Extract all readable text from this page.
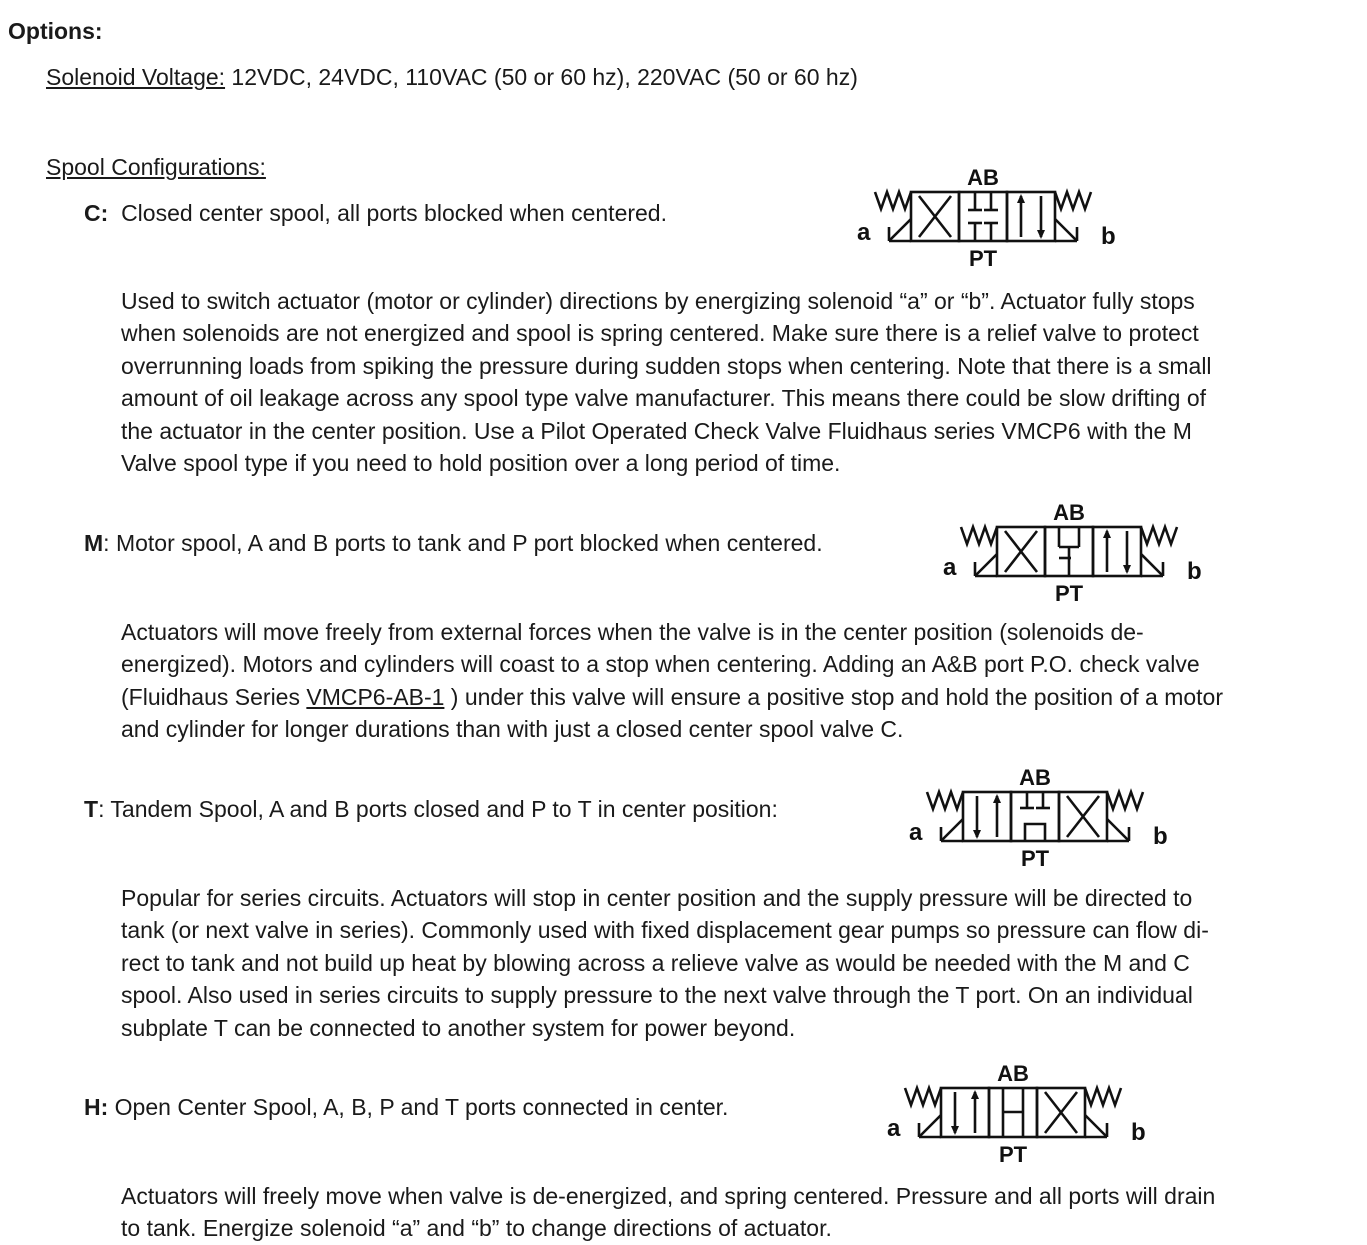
Options:
Solenoid Voltage: 12VDC, 24VDC, 110VAC (50 or 60 hz), 220VAC (50 or 60 hz)
Spool Configurations:
C: Closed center spool, all ports blocked when centered.
AB
PT
a	b
Used to switch actuator (motor or cylinder) directions by energizing solenoid “a” or “b”. Actuator fully stops
when solenoids are not energized and spool is spring centered. Make sure there is a relief valve to protect
overrunning loads from spiking the pressure during sudden stops when centering. Note that there is a small
amount of oil leakage across any spool type valve manufacturer. This means there could be slow drifting of
the actuator in the center position. Use a Pilot Operated Check Valve Fluidhaus series VMCP6 with the M
Valve spool type if you need to hold position over a long period of time.
M: Motor spool, A and B ports to tank and P port blocked when centered.
AB
PT
a	b
Actuators will move freely from external forces when the valve is in the center position (solenoids de-
energized). Motors and cylinders will coast to a stop when centering. Adding an A&B port P.O. check valve
(Fluidhaus Series VMCP6-AB-1 ) under this valve will ensure a positive stop and hold the position of a motor
and cylinder for longer durations than with just a closed center spool valve C.
T: Tandem Spool, A and B ports closed and P to T in center position:
AB
PT
a	b
Popular for series circuits. Actuators will stop in center position and the supply pressure will be directed to
tank (or next valve in series). Commonly used with fixed displacement gear pumps so pressure can flow di-
rect to tank and not build up heat by blowing across a relieve valve as would be needed with the M and C
spool. Also used in series circuits to supply pressure to the next valve through the T port. On an individual
subplate T can be connected to another system for power beyond.
H: Open Center Spool, A, B, P and T ports connected in center.
AB
PT
a	b
Actuators will freely move when valve is de-energized, and spring centered. Pressure and all ports will drain
to tank. Energize solenoid “a” and “b” to change directions of actuator.
